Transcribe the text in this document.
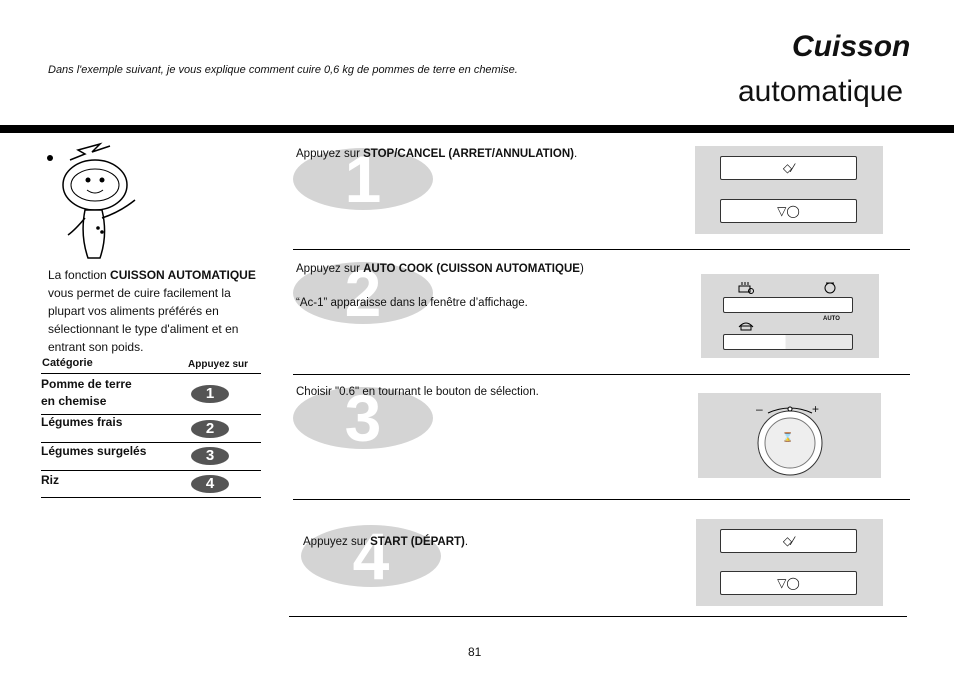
Cuisson
automatique
Dans l'exemple suivant, je vous explique comment cuire 0,6 kg de pommes de terre en chemise.
La fonction CUISSON AUTOMATIQUE vous permet de cuire facilement la plupart vos aliments préférés en sélectionnant le type d'aliment et en entrant son poids.
Catégorie	Appuyez sur
Pomme de terre
en chemise	1
Légumes frais	2
Légumes surgelés	3
Riz	4
1
Appuyez sur STOP/CANCEL (ARRET/ANNULATION).
◇⁄
▽◯
2
Appuyez sur AUTO COOK (CUISSON AUTOMATIQUE)
“Ac-1” apparaisse dans la fenêtre d’affichage.
AUTO
3
Choisir "0.6" en tournant le bouton de sélection.
–	+
⌛
4
Appuyez sur START (DÉPART).	◇⁄
▽◯
81
